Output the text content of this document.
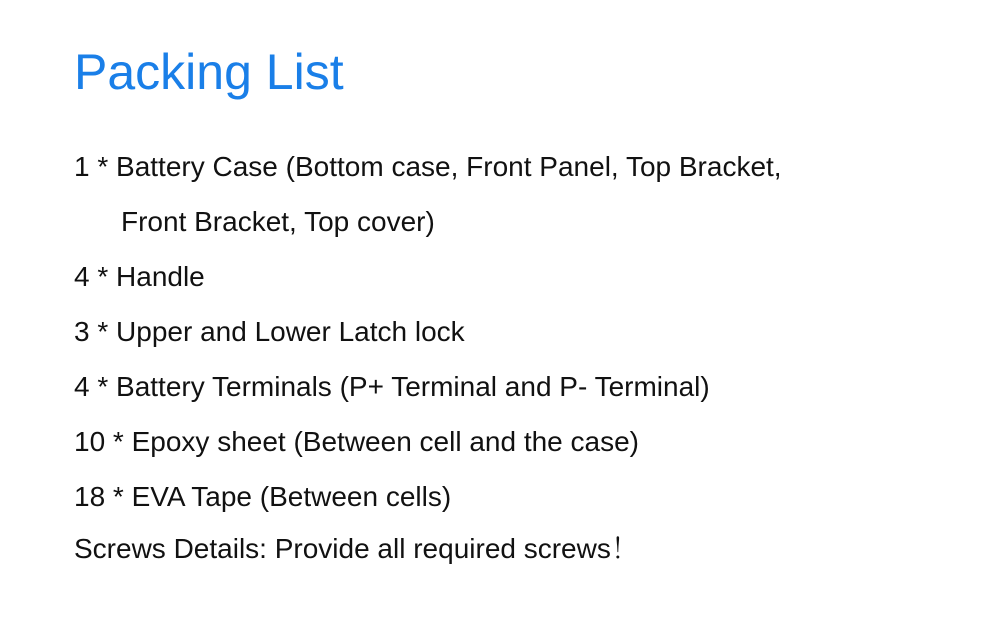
Packing List
1 * Battery Case (Bottom case, Front Panel, Top Bracket,
Front Bracket, Top cover)
4 * Handle
3 * Upper and Lower Latch lock
4 * Battery Terminals (P+ Terminal and P- Terminal)
10 * Epoxy sheet (Between cell and the case)
18 * EVA Tape (Between cells)

Screws Details: Provide all required screws！
